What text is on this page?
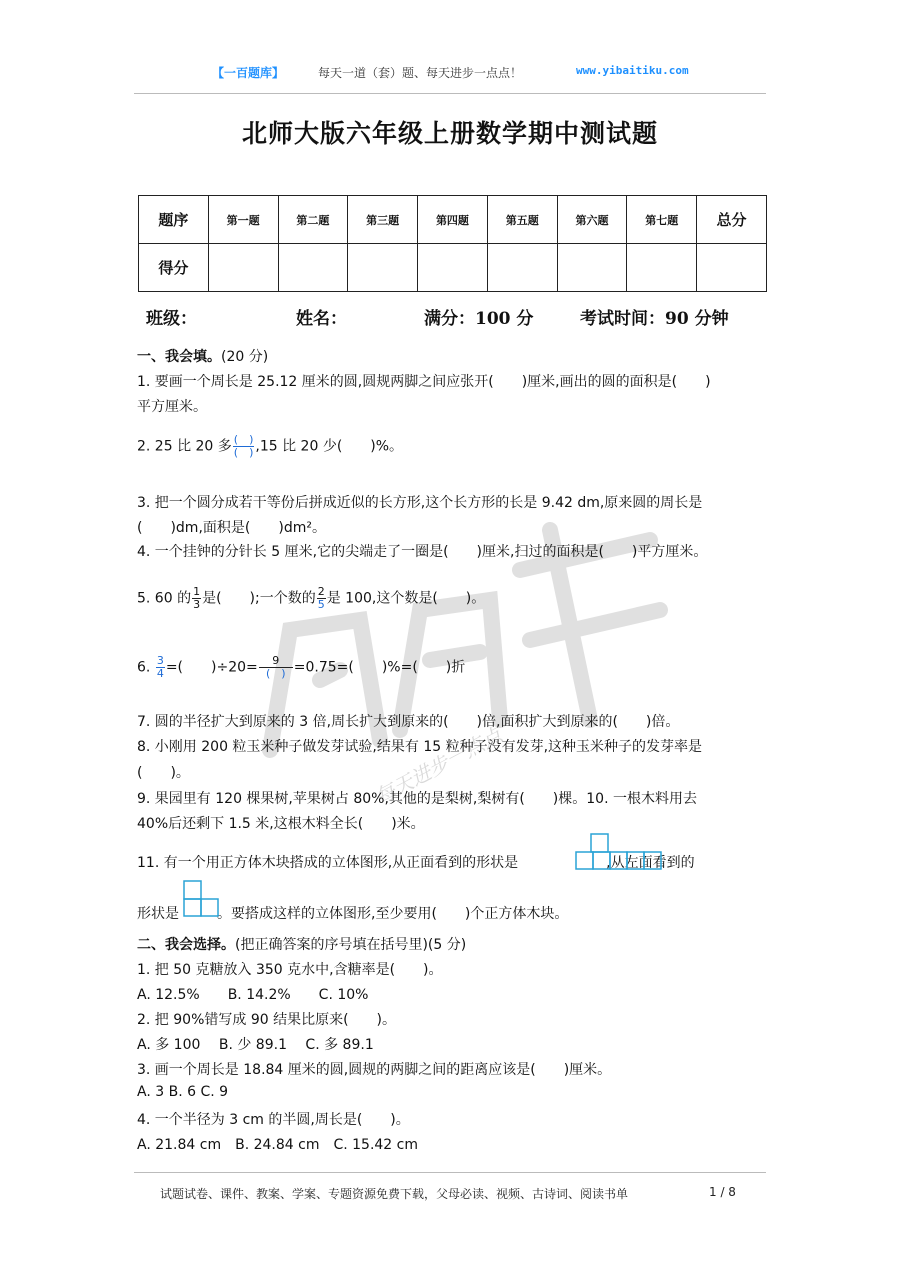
【一百题库】	每天一道（套）题、每天进步一点点！	www.yibaitiku.com
北师大版六年级上册数学期中测试题
题序	第一题	第二题	第三题	第四题	第五题	第六题	第七题	总分
得分								
班级：	姓名：	满分：100 分	考试时间：90 分钟
每天进步一点点
一、我会填。(20 分)
1. 要画一个周长是 25.12 厘米的圆,圆规两脚之间应张开(　　)厘米,画出的圆的面积是(　　)
平方厘米。
2. 25 比 20 多 $\frac{( )}{( )} ,15$ 比 20 少(　　)%。
3. 把一个圆分成若干等份后拼成近似的长方形,这个长方形的长是 9.42 dm,原来圆的周长是
(　　)dm,面积是(　　)dm²。
4. 一个挂钟的分针长 5 厘米,它的尖端走了一圈是(　　)厘米,扫过的面积是(　　)平方厘米。
5. 60 的 $\frac{1}{3}$ 是(　　);一个数的 $\frac{2}{5}$ 是 100,这个数是(　　)。
6. $\frac{3}{4}$ =(　　)$\div 20= \frac{9}{( )} =0.75=$(　　)%=(　　)折
7. 圆的半径扩大到原来的 3 倍,周长扩大到原来的(　　)倍,面积扩大到原来的(　　)倍。
8. 小刚用 200 粒玉米种子做发芽试验,结果有 15 粒种子没有发芽,这种玉米种子的发芽率是
(　　)。
9. 果园里有 120 棵果树,苹果树占 80%,其他的是梨树,梨树有(　　)棵。10. 一根木料用去
40%后还剩下 1.5 米,这根木料全长(　　)米。
11. 有一个用正方体木块搭成的立体图形,从正面看到的形状是	,从左面看到的
形状是	。要搭成这样的立体图形,至少要用(　　)个正方体木块。
二、我会选择。(把正确答案的序号填在括号里)(5 分)
1. 把 50 克糖放入 350 克水中,含糖率是(　　)。
A. 12.5%　　B. 14.2%　　C. 10%
2. 把 90%错写成 90 结果比原来(　　)。
A. 多 100　 B. 少 89.1　 C. 多 89.1
3. 画一个周长是 18.84 厘米的圆,圆规的两脚之间的距离应该是(　　)厘米。
A. 3 B. 6 C. 9
4. 一个半径为 3 cm 的半圆,周长是(　　)。
A. 21.84 cm　B. 24.84 cm　C. 15.42 cm
试题试卷、课件、教案、学案、专题资源免费下载，父母必读、视频、古诗词、阅读书单	1 / 8
